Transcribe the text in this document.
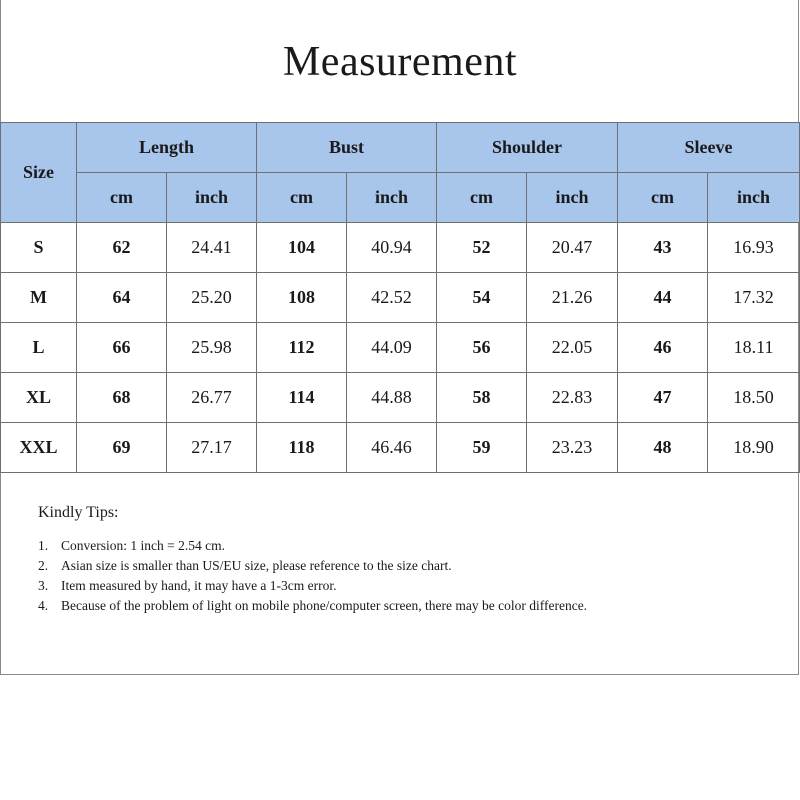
Measurement
Size	Length		Bust		Shoulder		Sleeve	
	cm	inch	cm	inch	cm	inch	cm	inch
S	62	24.41	104	40.94	52	20.47	43	16.93
M	64	25.20	108	42.52	54	21.26	44	17.32
L	66	25.98	112	44.09	56	22.05	46	18.11
XL	68	26.77	114	44.88	58	22.83	47	18.50
XXL	69	27.17	118	46.46	59	23.23	48	18.90
Kindly Tips:
1. Conversion: 1 inch = 2.54 cm.
2. Asian size is smaller than US/EU size, please reference to the size chart.
3. Item measured by hand, it may have a 1-3cm error.
4. Because of the problem of light on mobile phone/computer screen, there may be color difference.
